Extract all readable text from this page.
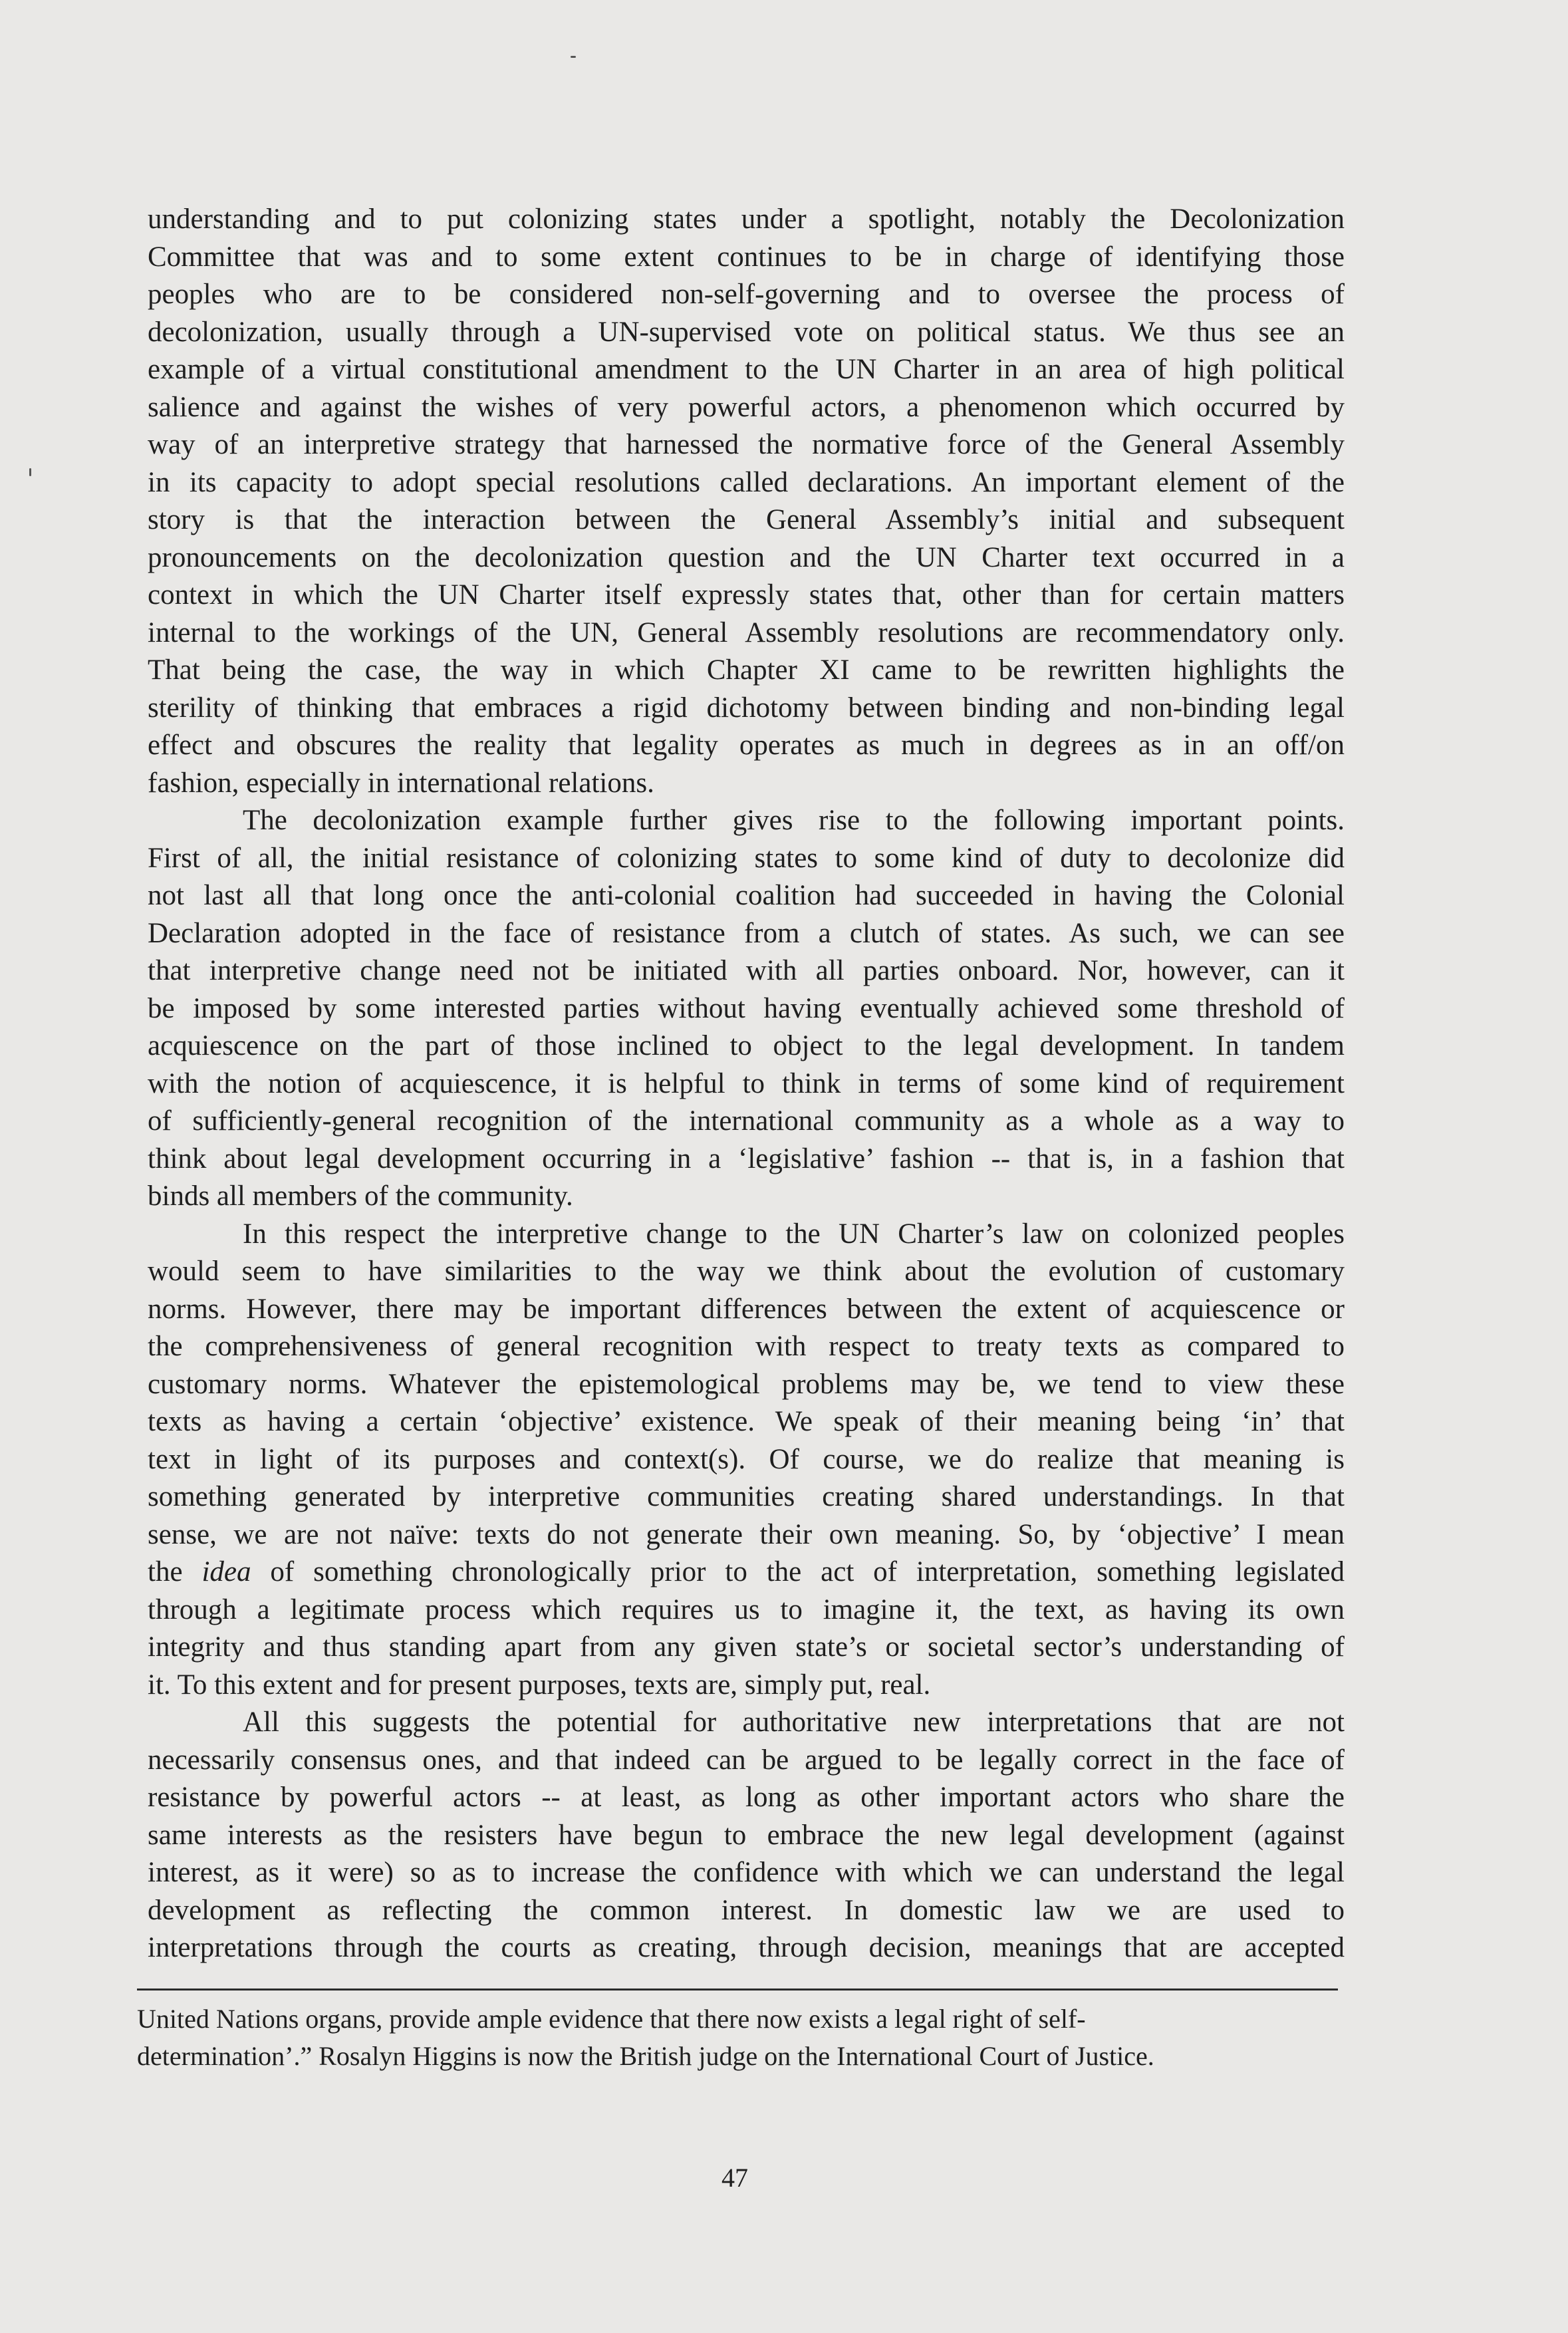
understanding and to put colonizing states under a spotlight, notably the Decolonization
Committee that was and to some extent continues to be in charge of identifying those
peoples who are to be considered non-self-governing and to oversee the process of
decolonization, usually through a UN-supervised vote on political status. We thus see an
example of a virtual constitutional amendment to the UN Charter in an area of high political
salience and against the wishes of very powerful actors, a phenomenon which occurred by
way of an interpretive strategy that harnessed the normative force of the General Assembly
in its capacity to adopt special resolutions called declarations. An important element of the
story is that the interaction between the General Assembly’s initial and subsequent
pronouncements on the decolonization question and the UN Charter text occurred in a
context in which the UN Charter itself expressly states that, other than for certain matters
internal to the workings of the UN, General Assembly resolutions are recommendatory only.
That being the case, the way in which Chapter XI came to be rewritten highlights the
sterility of thinking that embraces a rigid dichotomy between binding and non-binding legal
effect and obscures the reality that legality operates as much in degrees as in an off/on
fashion, especially in international relations.

The decolonization example further gives rise to the following important points.
First of all, the initial resistance of colonizing states to some kind of duty to decolonize did
not last all that long once the anti-colonial coalition had succeeded in having the Colonial
Declaration adopted in the face of resistance from a clutch of states. As such, we can see
that interpretive change need not be initiated with all parties onboard. Nor, however, can it
be imposed by some interested parties without having eventually achieved some threshold of
acquiescence on the part of those inclined to object to the legal development. In tandem
with the notion of acquiescence, it is helpful to think in terms of some kind of requirement
of sufficiently-general recognition of the international community as a whole as a way to
think about legal development occurring in a ‘legislative’ fashion -- that is, in a fashion that
binds all members of the community.

In this respect the interpretive change to the UN Charter’s law on colonized peoples
would seem to have similarities to the way we think about the evolution of customary
norms. However, there may be important differences between the extent of acquiescence or
the comprehensiveness of general recognition with respect to treaty texts as compared to
customary norms. Whatever the epistemological problems may be, we tend to view these
texts as having a certain ‘objective’ existence. We speak of their meaning being ‘in’ that
text in light of its purposes and context(s). Of course, we do realize that meaning is
something generated by interpretive communities creating shared understandings. In that
sense, we are not naïve: texts do not generate their own meaning. So, by ‘objective’ I mean
the idea of something chronologically prior to the act of interpretation, something legislated
through a legitimate process which requires us to imagine it, the text, as having its own
integrity and thus standing apart from any given state’s or societal sector’s understanding of
it. To this extent and for present purposes, texts are, simply put, real.

All this suggests the potential for authoritative new interpretations that are not
necessarily consensus ones, and that indeed can be argued to be legally correct in the face of
resistance by powerful actors -- at least, as long as other important actors who share the
same interests as the resisters have begun to embrace the new legal development (against
interest, as it were) so as to increase the confidence with which we can understand the legal
development as reflecting the common interest. In domestic law we are used to
interpretations through the courts as creating, through decision, meanings that are accepted

United Nations organs, provide ample evidence that there now exists a legal right of self-
determination’.” Rosalyn Higgins is now the British judge on the International Court of Justice.

47
